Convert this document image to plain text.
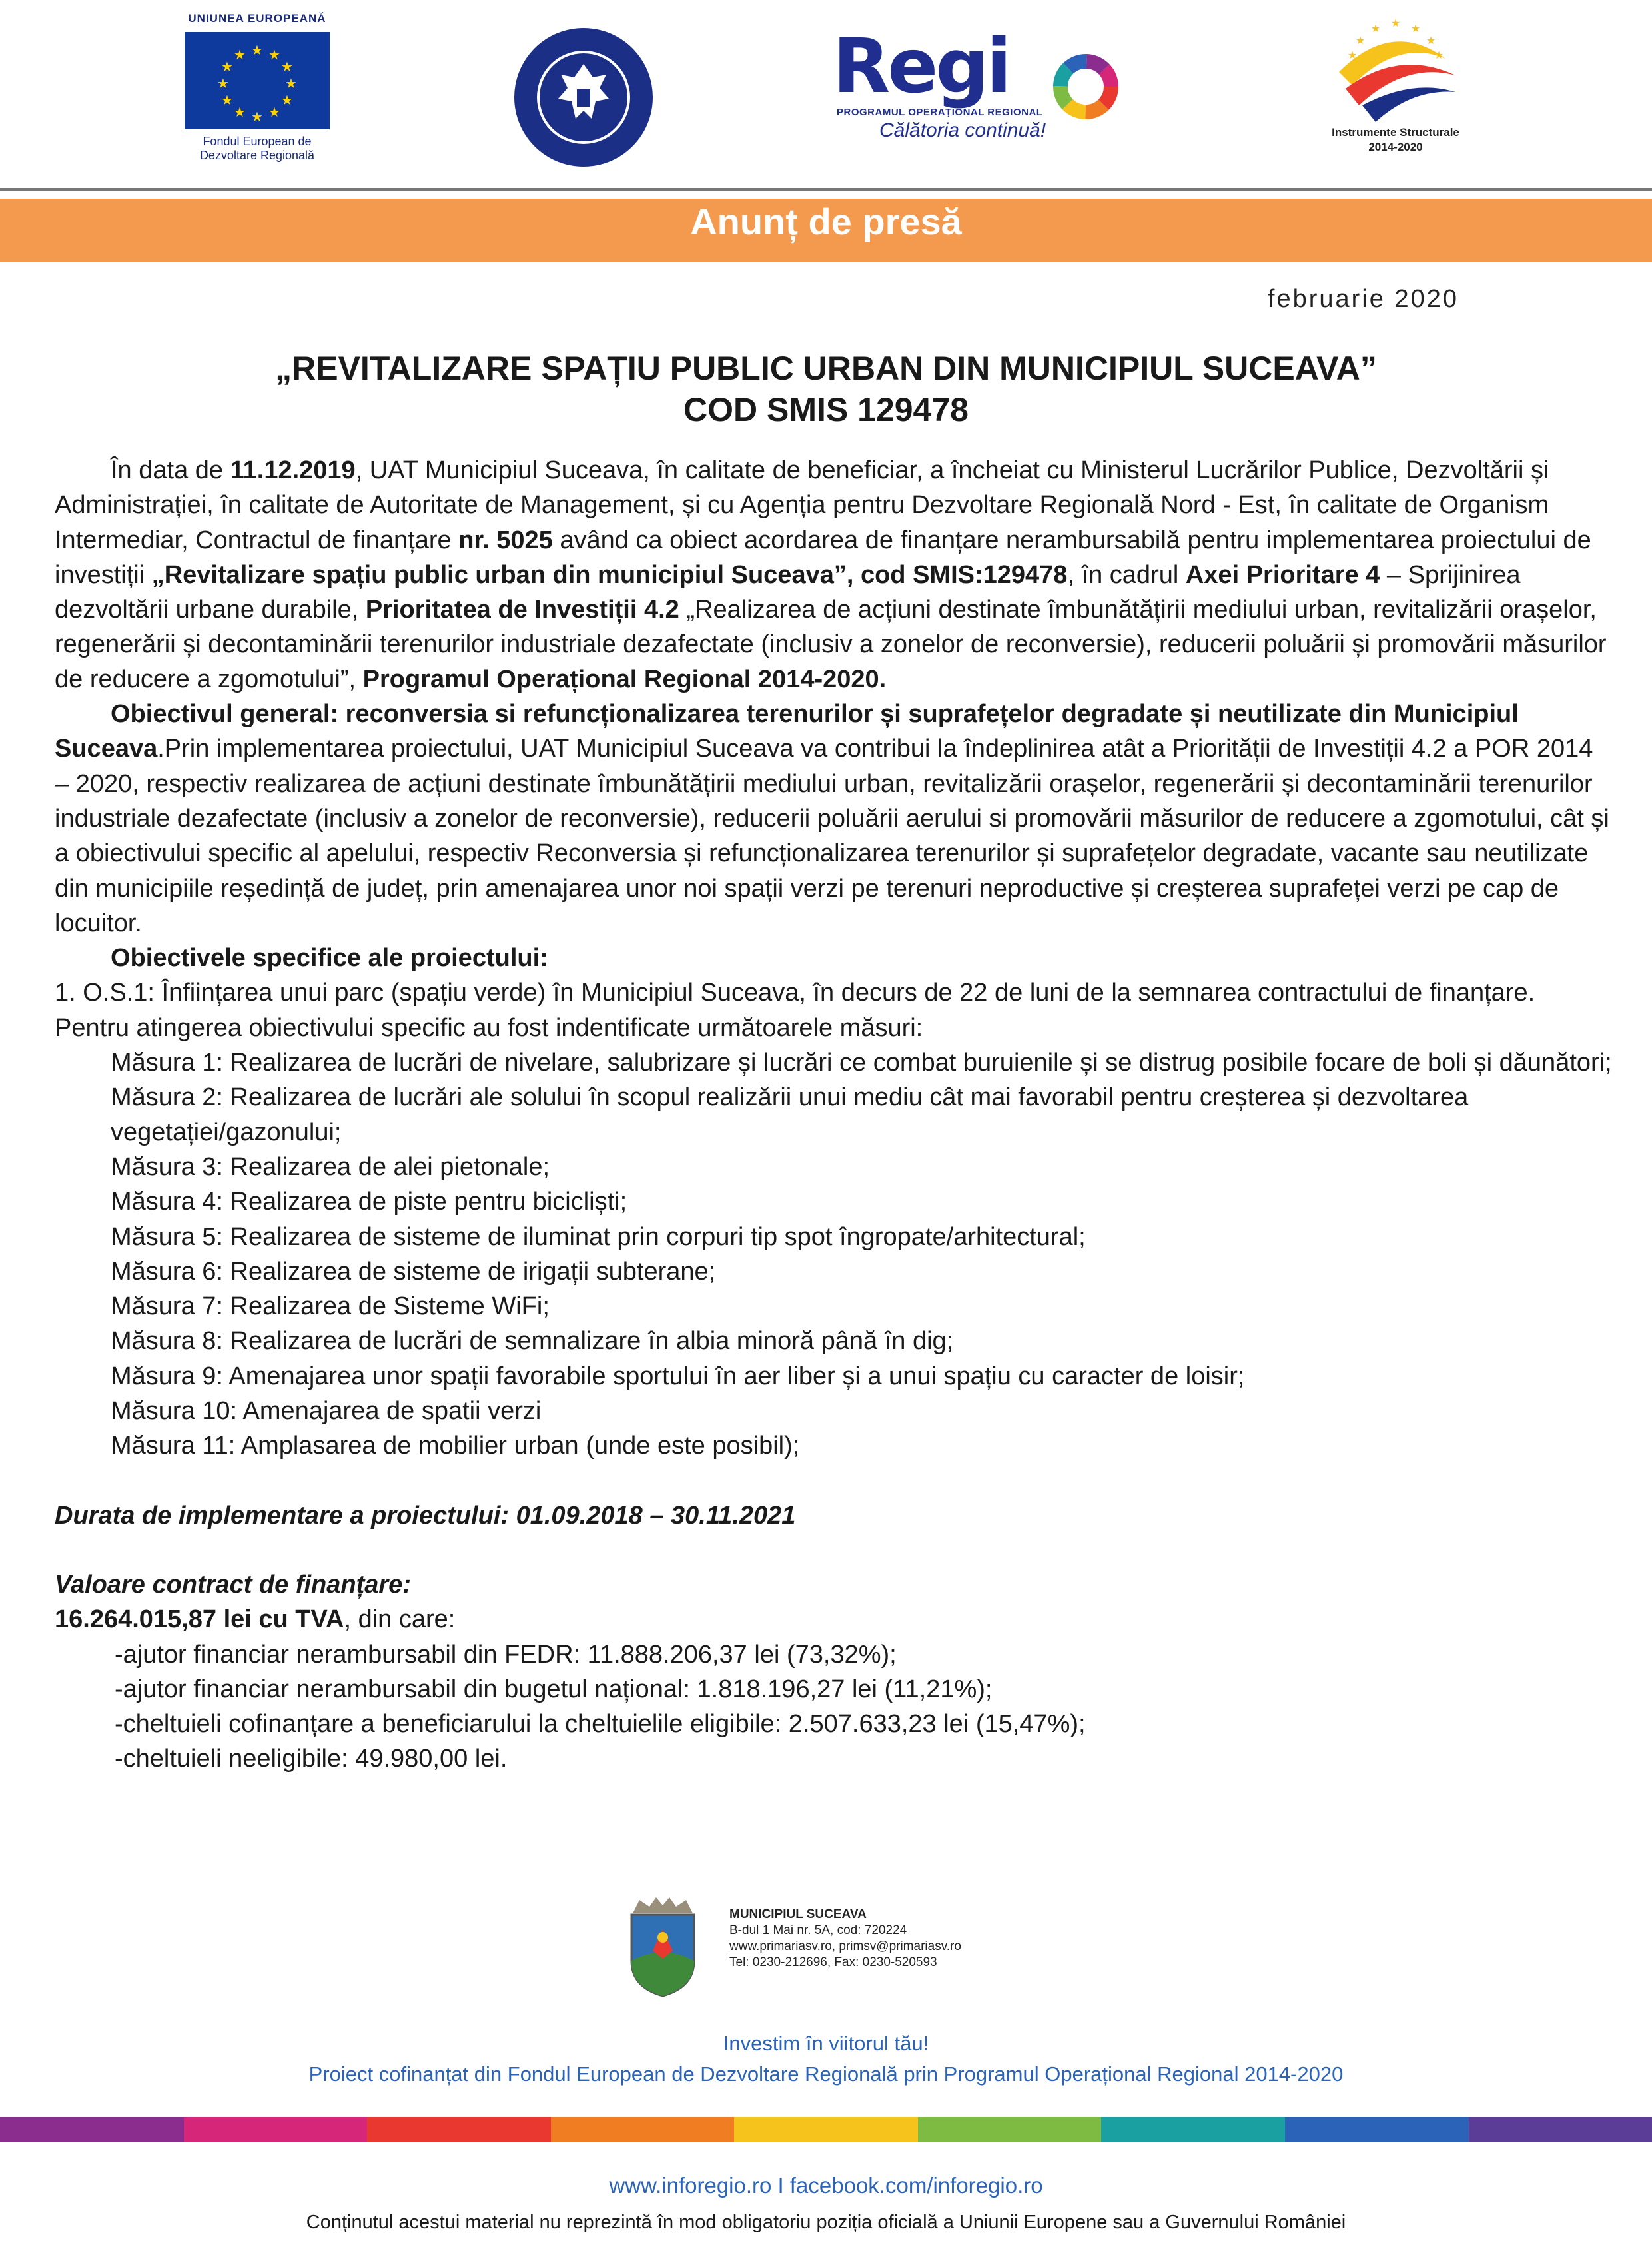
UNIUNEA EUROPEANĂ
★ ★
★
★
★
★
★
★
★
★
★
★
Fondul European de
Dezvoltare Regională
Regi
PROGRAMUL OPERAȚIONAL REGIONAL
Călătoria continuă!
★ ★
★
★
★
★
★
Instrumente Structurale
2014-2020
Anunț de presă
februarie 2020
„REVITALIZARE SPAȚIU PUBLIC URBAN DIN MUNICIPIUL SUCEAVA”
COD SMIS 129478

În data de 11.12.2019, UAT Municipiul Suceava, în calitate de beneficiar, a încheiat cu Ministerul Lucrărilor Publice, Dezvoltării și Administrației, în calitate de Autoritate de Management, și cu Agenția pentru Dezvoltare Regională Nord - Est, în calitate de Organism Intermediar, Contractul de finanțare nr. 5025 având ca obiect acordarea de finanțare nerambursabilă pentru implementarea proiectului de investiții „Revitalizare spațiu public urban din municipiul Suceava”, cod SMIS:129478, în cadrul Axei Prioritare 4 – Sprijinirea dezvoltării urbane durabile, Prioritatea de Investiții 4.2 „Realizarea de acțiuni destinate îmbunătățirii mediului urban, revitalizării orașelor, regenerării și decontaminării terenurilor industriale dezafectate (inclusiv a zonelor de reconversie), reducerii poluării și promovării măsurilor de reducere a zgomotului”, Programul Operațional Regional 2014-2020.

Obiectivul general: reconversia si refuncționalizarea terenurilor și suprafețelor degradate și neutilizate din Municipiul Suceava.Prin implementarea proiectului, UAT Municipiul Suceava va contribui la îndeplinirea atât a Priorității de Investiții 4.2 a POR 2014 – 2020, respectiv realizarea de acțiuni destinate îmbunătățirii mediului urban, revitalizării orașelor, regenerării și decontaminării terenurilor industriale dezafectate (inclusiv a zonelor de reconversie), reducerii poluării aerului si promovării măsurilor de reducere a zgomotului, cât și a obiectivului specific al apelului, respectiv Reconversia și refuncționalizarea terenurilor și suprafețelor degradate, vacante sau neutilizate din municipiile reședință de județ, prin amenajarea unor noi spații verzi pe terenuri neproductive și creșterea suprafeței verzi pe cap de locuitor.

Obiectivele specifice ale proiectului:

1. O.S.1: Înființarea unui parc (spațiu verde) în Municipiul Suceava, în decurs de 22 de luni de la semnarea contractului de finanțare. Pentru atingerea obiectivului specific au fost indentificate următoarele măsuri:

Măsura 1: Realizarea de lucrări de nivelare, salubrizare și lucrări ce combat buruienile și se distrug posibile focare de boli și dăunători;

Măsura 2: Realizarea de lucrări ale solului în scopul realizării unui mediu cât mai favorabil pentru creșterea și dezvoltarea vegetației/gazonului;

Măsura 3: Realizarea de alei pietonale;

Măsura 4: Realizarea de piste pentru bicicliști;

Măsura 5: Realizarea de sisteme de iluminat prin corpuri tip spot îngropate/arhitectural;

Măsura 6: Realizarea de sisteme de irigații subterane;

Măsura 7: Realizarea de Sisteme WiFi;

Măsura 8: Realizarea de lucrări de semnalizare în albia minoră până în dig;

Măsura 9: Amenajarea unor spații favorabile sportului în aer liber și a unui spațiu cu caracter de loisir;

Măsura 10: Amenajarea de spatii verzi

Măsura 11: Amplasarea de mobilier urban (unde este posibil);

Durata de implementare a proiectului: 01.09.2018 – 30.11.2021

Valoare contract de finanțare:

16.264.015,87 lei cu TVA, din care:

-ajutor financiar nerambursabil din FEDR: 11.888.206,37 lei (73,32%);

-ajutor financiar nerambursabil din bugetul național: 1.818.196,27 lei (11,21%);

-cheltuieli cofinanțare a beneficiarului la cheltuielile eligibile: 2.507.633,23 lei (15,47%);

-cheltuieli neeligibile: 49.980,00 lei.

MUNICIPIUL SUCEAVA
B-dul 1 Mai nr. 5A, cod: 720224
www.primariasv.ro, primsv@primariasv.ro
Tel: 0230-212696, Fax: 0230-520593
Investim în viitorul tău!
Proiect cofinanțat din Fondul European de Dezvoltare Regională prin Programul Operațional Regional 2014-2020
www.inforegio.ro I facebook.com/inforegio.ro
Conținutul acestui material nu reprezintă în mod obligatoriu poziția oficială a Uniunii Europene sau a Guvernului României
